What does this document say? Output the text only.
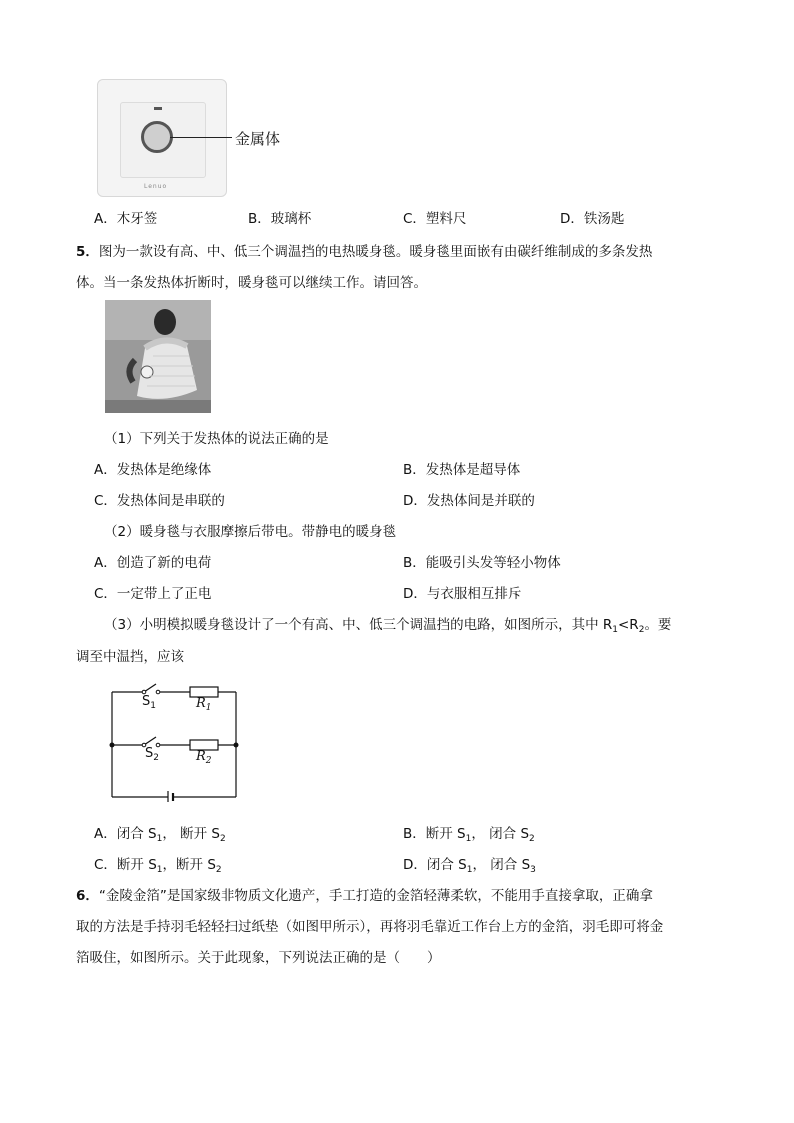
Lenuo
金属体
A．木牙签	B．玻璃杯	C．塑料尺	D．铁汤匙
5．图为一款设有高、中、低三个调温挡的电热暖身毯。暖身毯里面嵌有由碳纤维制成的多条发热
体。当一条发热体折断时，暖身毯可以继续工作。请回答。
（1）下列关于发热体的说法正确的是
A．发热体是绝缘体	B．发热体是超导体
C．发热体间是串联的	D．发热体间是并联的
（2）暖身毯与衣服摩擦后带电。带静电的暖身毯
A．创造了新的电荷	B．能吸引头发等轻小物体
C．一定带上了正电	D．与衣服相互排斥
（3）小明模拟暖身毯设计了一个有高、中、低三个调温挡的电路，如图所示，其中 $R_1<R_2$。要
调至中温挡，应该
$S_1$	$R_1$
$S_2$	$R_2$
A．闭合 $S_1$， 断开 $S_2$	B．断开 $S_1$， 闭合 $S_2$
C．断开 $S_1$，断开 $S_2$	D．闭合 $S_1$， 闭合 $S_3$
6．“金陵金箔”是国家级非物质文化遗产，手工打造的金箔轻薄柔软，不能用手直接拿取，正确拿
取的方法是手持羽毛轻轻扫过纸垫（如图甲所示），再将羽毛靠近工作台上方的金箔，羽毛即可将金
箔吸住，如图所示。关于此现象，下列说法正确的是（　　）
